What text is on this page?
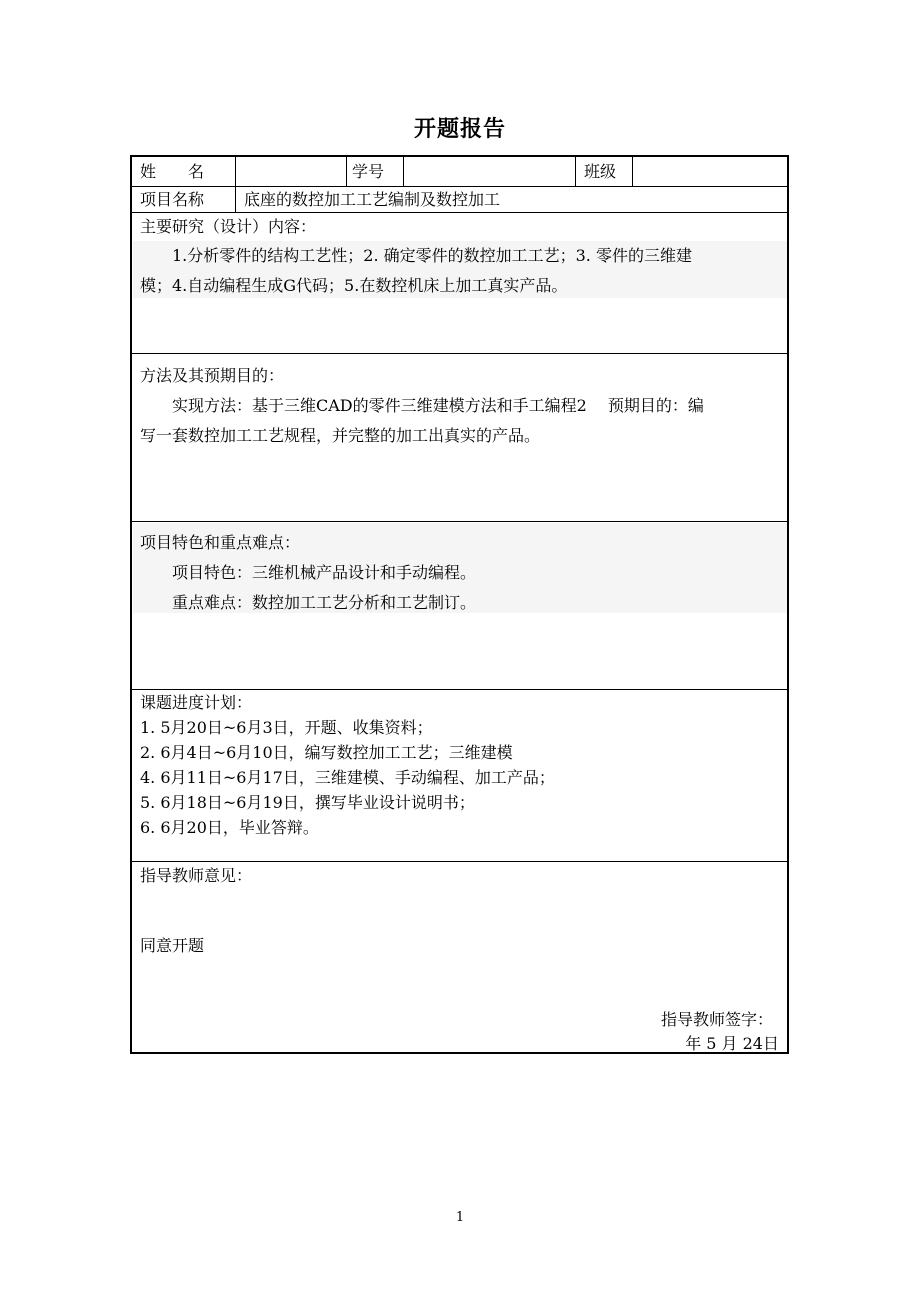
开题报告
姓　　名	学号	班级
项目名称 底座的数控加工工艺编制及数控加工
主要研究（设计）内容：
　　1.分析零件的结构工艺性；2. 确定零件的数控加工工艺；3. 零件的三维建
模；4.自动编程生成G代码；5.在数控机床上加工真实产品。
方法及其预期目的：
　　实现方法：基于三维CAD的零件三维建模方法和手工编程2　 预期目的：编
写一套数控加工工艺规程，并完整的加工出真实的产品。
项目特色和重点难点：
　　项目特色：三维机械产品设计和手动编程。
　　重点难点：数控加工工艺分析和工艺制订。
课题进度计划：
1. 5月20日~6月3日，开题、收集资料；
2. 6月4日~6月10日，编写数控加工工艺；三维建模
4. 6月11日~6月17日，三维建模、手动编程、加工产品；
5. 6月18日~6月19日，撰写毕业设计说明书；
6. 6月20日，毕业答辩。
指导教师意见：
同意开题
指导教师签字：
年 5 月 24日
1
